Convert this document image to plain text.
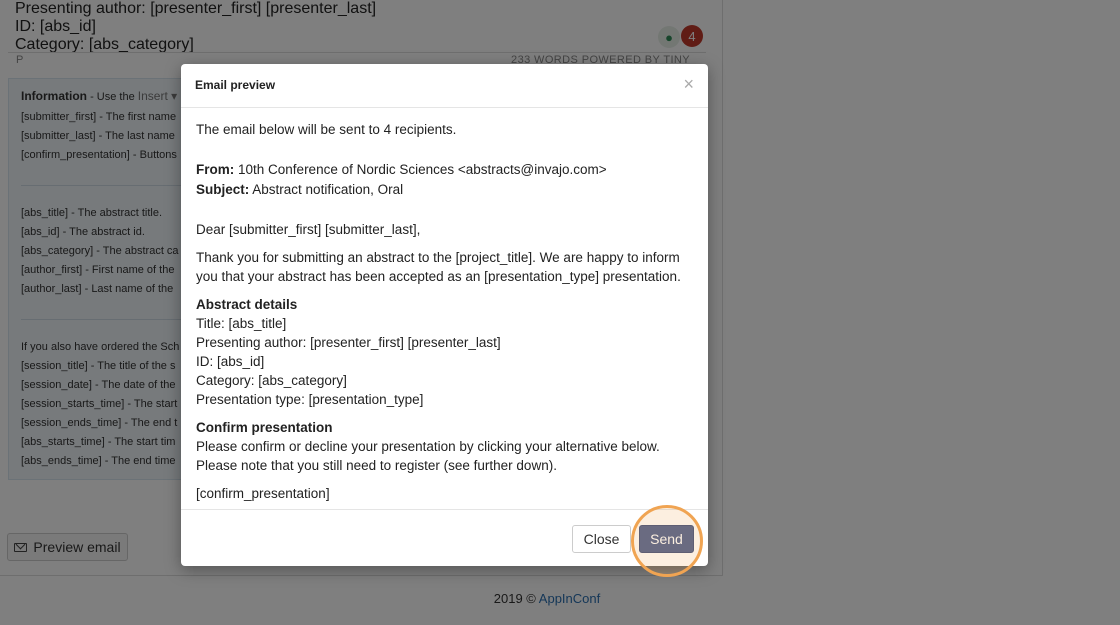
Email preview	×
The email below will be sent to 4 recipients.
From: 10th Conference of Nordic Sciences <abstracts@invajo.com>
Subject: Abstract notification, Oral
Dear [submitter_first] [submitter_last],
Thank you for submitting an abstract to the [project_title]. We are happy to inform
you that your abstract has been accepted as an [presentation_type] presentation.
Abstract details
Title: [abs_title]
Presenting author: [presenter_first] [presenter_last]
ID: [abs_id]
Category: [abs_category]
Presentation type: [presentation_type]
Confirm presentation
Please confirm or decline your presentation by clicking your alternative below.
Please note that you still need to register (see further down).
[confirm_presentation]
Close	Send
